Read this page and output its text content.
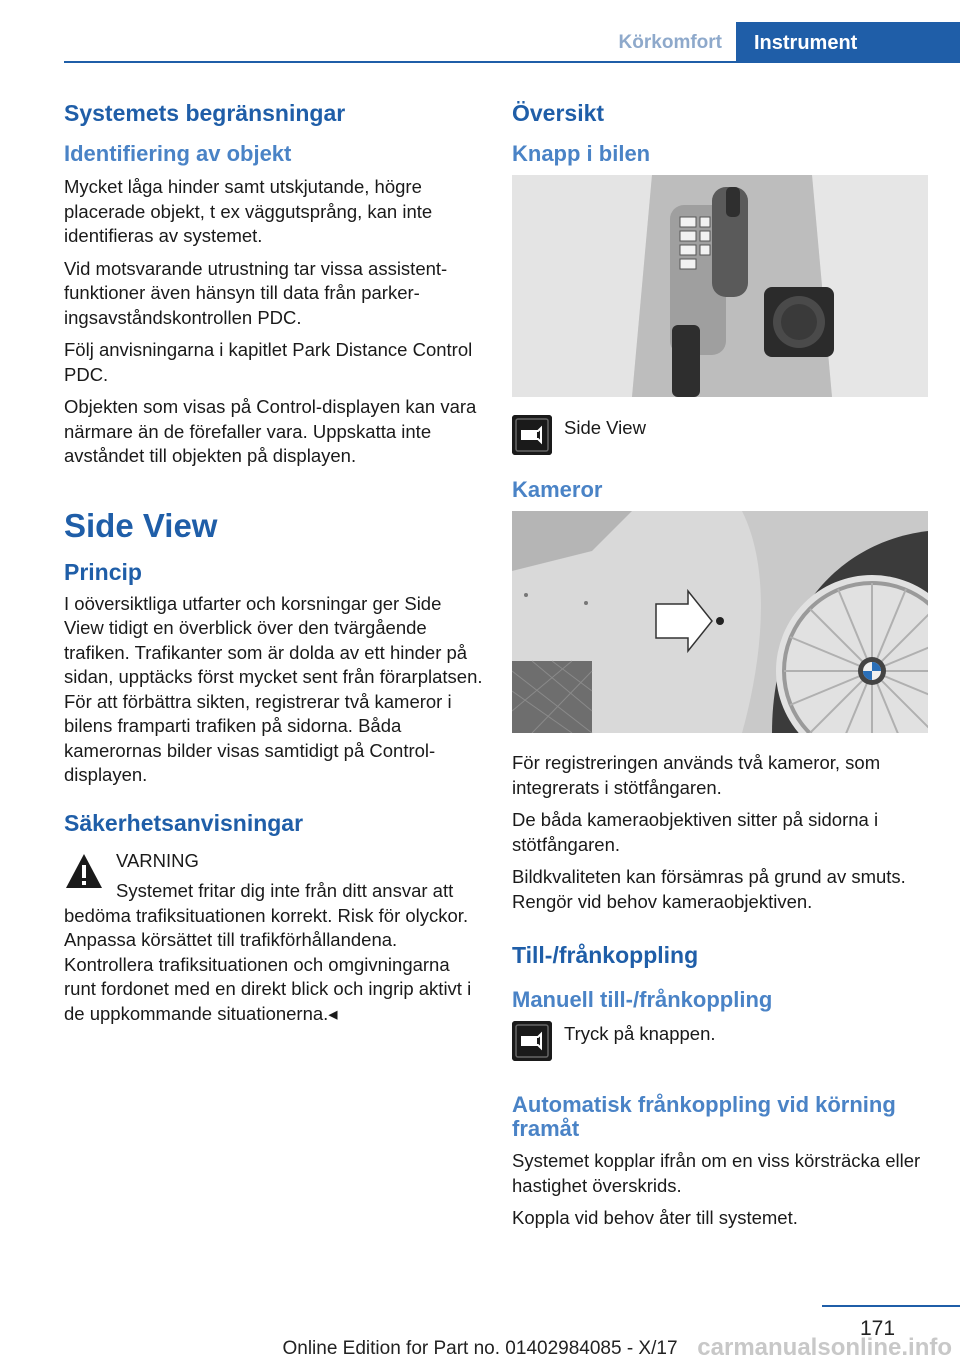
Körkomfort	Instrument
Systemets begränsningar
Identifiering av objekt

Mycket låga hinder samt utskjutande, högre placerade objekt, t ex väggutsprång, kan inte identifieras av systemet.

Vid motsvarande utrustning tar vissa assistentfunktioner även hänsyn till data från parkeringsavståndskontrollen PDC.

Följ anvisningarna i kapitlet Park Distance Control PDC.

Objekten som visas på Control-displayen kan vara närmare än de förefaller vara. Uppskatta inte avståndet till objekten på displayen.

Side View
Princip

I oöversiktliga utfarter och korsningar ger Side View tidigt en överblick över den tvärgående trafiken. Trafikanter som är dolda av ett hinder på sidan, upptäcks först mycket sent från förarplatsen. För att förbättra sikten, registrerar två kameror i bilens framparti trafiken på sidorna. Båda kamerornas bilder visas samtidigt på Control-displayen.

Säkerhetsanvisningar
VARNING
Systemet fritar dig inte från ditt ansvar att

bedöma trafiksituationen korrekt. Risk för olyckor. Anpassa körsättet till trafikförhållandena. Kontrollera trafiksituationen och omgivningarna runt fordonet med en direkt blick och ingrip aktivt i de uppkommande situationerna.◂

Översikt
Knapp i bilen
Side View
Kameror

För registreringen används två kameror, som integrerats i stötfångaren.

De båda kameraobjektiven sitter på sidorna i stötfångaren.

Bildkvaliteten kan försämras på grund av smuts. Rengör vid behov kameraobjektiven.

Till-/frånkoppling
Manuell till-/frånkoppling
Tryck på knappen.
Automatisk frånkoppling vid körning framåt

Systemet kopplar ifrån om en viss körsträcka eller hastighet överskrids.

Koppla vid behov åter till systemet.

171
Online Edition for Part no. 01402984085 - X/17 carmanualsonline.info
